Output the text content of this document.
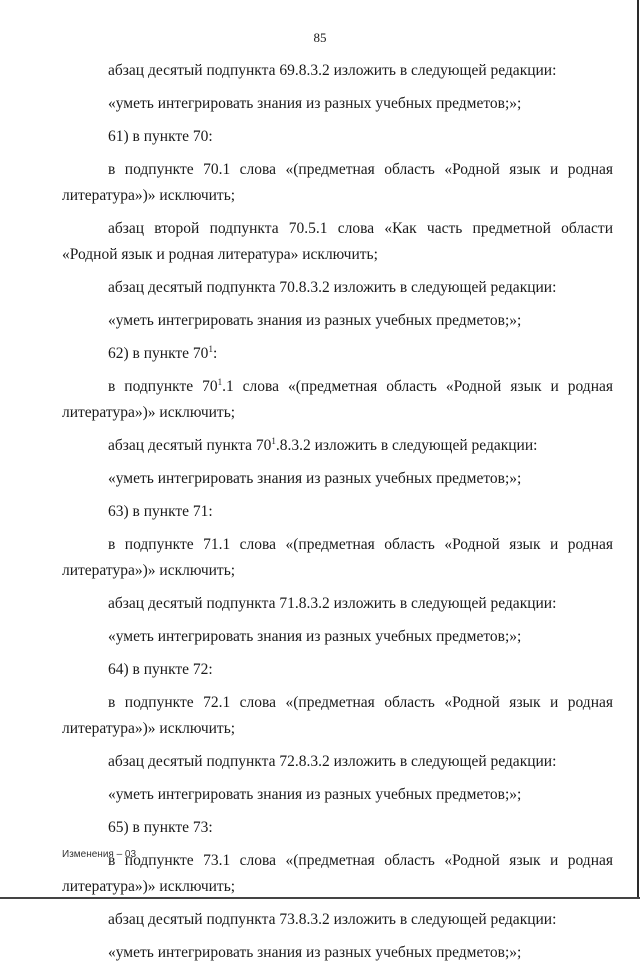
85

абзац десятый подпункта 69.8.3.2 изложить в следующей редакции:

«уметь интегрировать знания из разных учебных предметов;»;

61) в пункте 70:

в подпункте 70.1 слова «(предметная область «Родной язык и родная литература»)» исключить;

абзац второй подпункта 70.5.1 слова «Как часть предметной области «Родной язык и родная литература» исключить;

абзац десятый подпункта 70.8.3.2 изложить в следующей редакции:

«уметь интегрировать знания из разных учебных предметов;»;

62) в пункте $70^1$:

в подпункте $70^1.1$ слова «(предметная область «Родной язык и родная литература»)» исключить;

абзац десятый пункта $70^1.8.3.2$ изложить в следующей редакции:

«уметь интегрировать знания из разных учебных предметов;»;

63) в пункте 71:

в подпункте 71.1 слова «(предметная область «Родной язык и родная литература»)» исключить;

абзац десятый подпункта 71.8.3.2 изложить в следующей редакции:

«уметь интегрировать знания из разных учебных предметов;»;

64) в пункте 72:

в подпункте 72.1 слова «(предметная область «Родной язык и родная литература»)» исключить;

абзац десятый подпункта 72.8.3.2 изложить в следующей редакции:

«уметь интегрировать знания из разных учебных предметов;»;

65) в пункте 73:

в подпункте 73.1 слова «(предметная область «Родной язык и родная литература»)» исключить;

абзац десятый подпункта 73.8.3.2 изложить в следующей редакции:

«уметь интегрировать знания из разных учебных предметов;»;

Изменения – 03
